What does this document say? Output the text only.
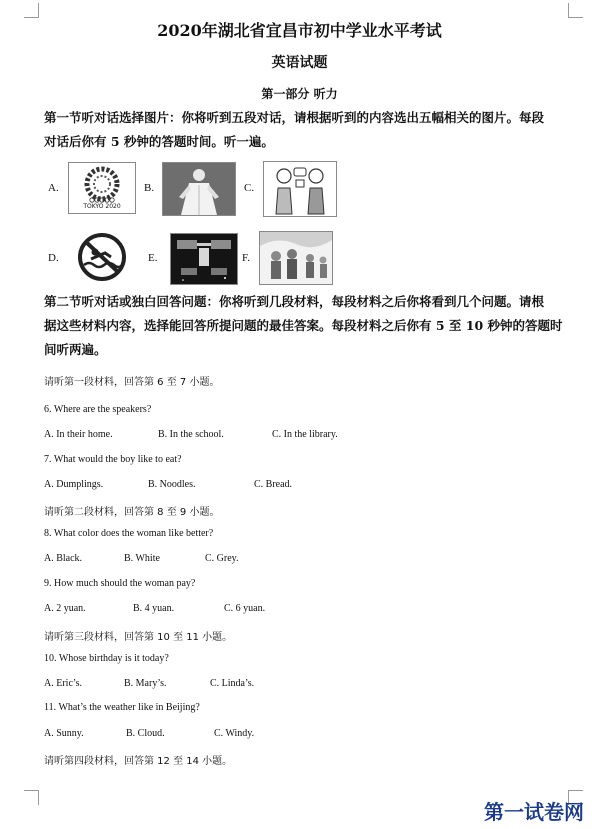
2020年湖北省宜昌市初中学业水平考试
英语试题
第一部分 听力
第一节听对话选择图片：你将听到五段对话，请根据听到的内容选出五幅相关的图片。每段
对话后你有 5 秒钟的答题时间。听一遍。
A.
TOKYO 2020
B.	C.
D.	E.	F.
第二节听对话或独白回答问题：你将听到几段材料，每段材料之后你将看到几个问题。请根
据这些材料内容，选择能回答所提问题的最佳答案。每段材料之后你有 5 至 10 秒钟的答题时
间听两遍。
请听第一段材料，回答第 6 至 7 小题。
6. Where are the speakers?
A. In their home.	B. In the school.	C. In the library.
7. What would the boy like to eat?
A. Dumplings.	B. Noodles.	C. Bread.
请听第二段材料，回答第 8 至 9 小题。
8. What color does the woman like better?
A. Black.	B. White	C. Grey.
9. How much should the woman pay?
A. 2 yuan.	B. 4 yuan.	C. 6 yuan.
请听第三段材料，回答第 10 至 11 小题。
10. Whose birthday is it today?
A. Eric’s.	B. Mary’s.	C. Linda’s.
11. What’s the weather like in Beijing?
A. Sunny.	B. Cloud.	C. Windy.
请听第四段材料，回答第 12 至 14 小题。
第一试卷网
